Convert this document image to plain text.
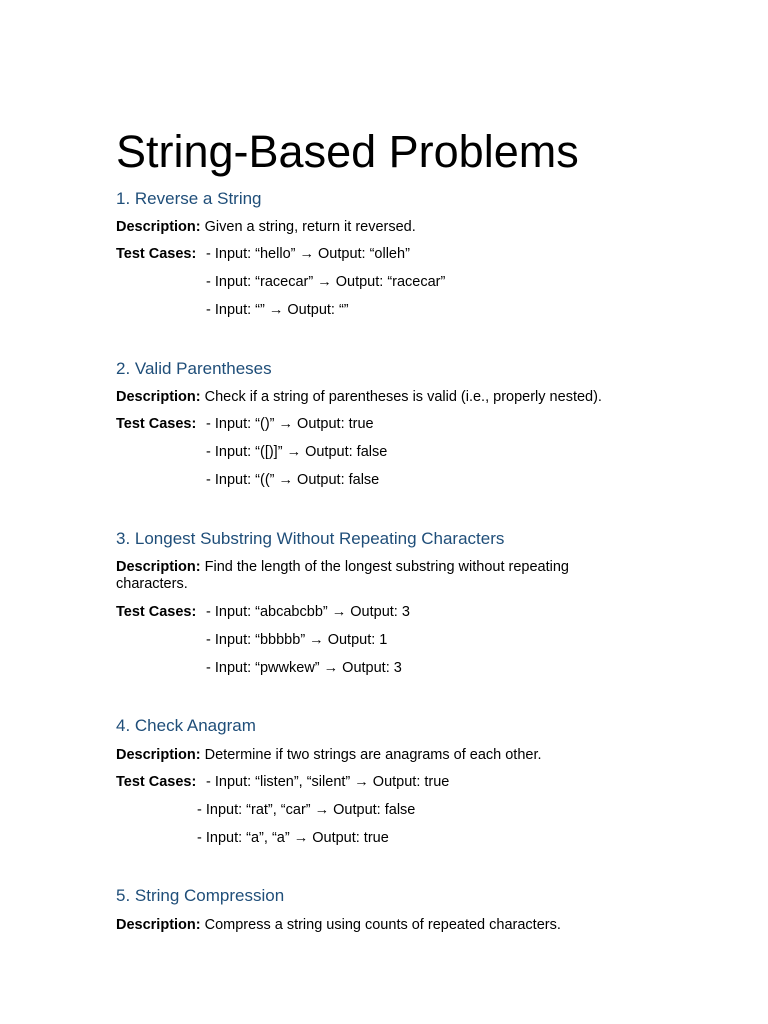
String-Based Problems
1. Reverse a String
Description: Given a string, return it reversed.
Test Cases: - Input: “hello” → Output: “olleh”
- Input: “racecar” → Output: “racecar”
- Input: “” → Output: “”
2. Valid Parentheses
Description: Check if a string of parentheses is valid (i.e., properly nested).
Test Cases: - Input: “()” → Output: true
- Input: “([)]” → Output: false
- Input: “((” → Output: false
3. Longest Substring Without Repeating Characters
Description: Find the length of the longest substring without repeating characters.
Test Cases: - Input: “abcabcbb” → Output: 3
- Input: “bbbbb” → Output: 1
- Input: “pwwkew” → Output: 3
4. Check Anagram
Description: Determine if two strings are anagrams of each other.
Test Cases: - Input: “listen”, “silent” → Output: true
- Input: “rat”, “car” → Output: false
- Input: “a”, “a” → Output: true
5. String Compression
Description: Compress a string using counts of repeated characters.
